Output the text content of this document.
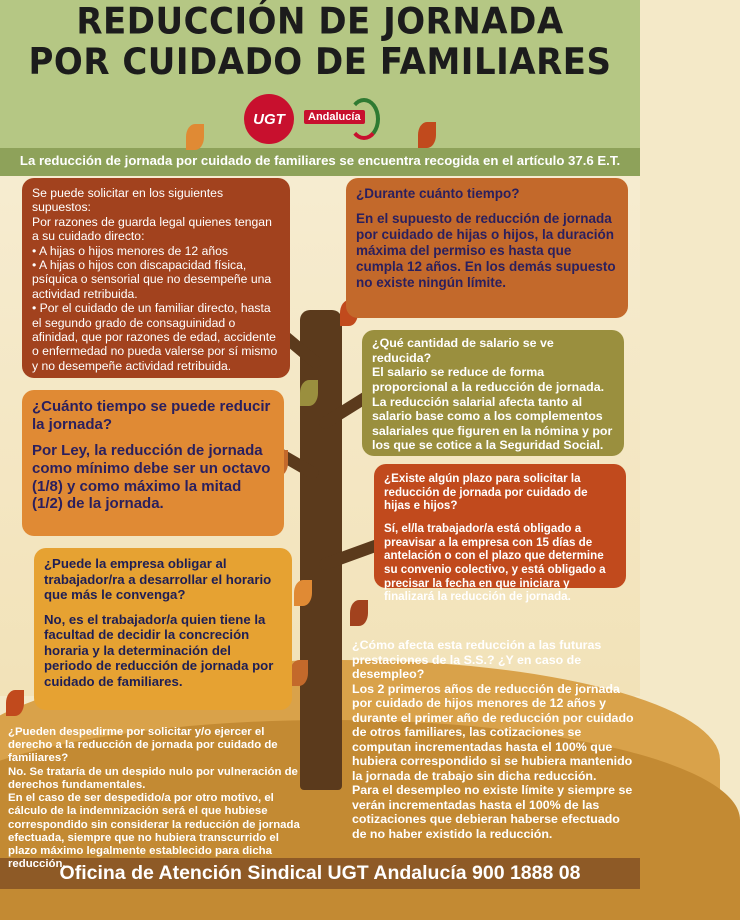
REDUCCIÓN DE JORNADA
POR CUIDADO DE FAMILIARES
UGT	Andalucía
La reducción de jornada por cuidado de familiares se encuentra recogida en el artículo 37.6 E.T.
Se puede solicitar en los siguientes supuestos:
Por razones de guarda legal quienes tengan a su cuidado directo:
• A hijas o hijos menores de 12 años
• A hijas o hijos con discapacidad física, psíquica o sensorial que no desempeñe una actividad retribuida.
• Por el cuidado de un familiar directo, hasta el segundo grado de consaguinidad o afinidad, que por razones de edad, accidente o enfermedad no pueda valerse por sí mismo y no desempeñe actividad retribuida.
¿Durante cuánto tiempo?
En el supuesto de reducción de jornada por cuidado de hijas o hijos, la duración máxima del permiso es hasta que cumpla 12 años. En los demás supuesto no existe ningún límite.
¿Qué cantidad de salario se ve reducida?
El salario se reduce de forma proporcional a la reducción de jornada. La reducción salarial afecta tanto al salario base como a los complementos salariales que figuren en la nómina y por los que se cotice a la Seguridad Social.
¿Cuánto tiempo se puede reducir la jornada?
Por Ley, la reducción de jornada como mínimo debe ser un octavo (1/8) y como máximo la mitad (1/2) de la jornada.
¿Existe algún plazo para solicitar la reducción de jornada por cuidado de hijas e hijos?
Sí, el/la trabajador/a está obligado a preavisar a la empresa con 15 días de antelación o con el plazo que determine su convenio colectivo, y está obligado a precisar la fecha en que iniciara y finalizará la reducción de jornada.
¿Puede la empresa obligar al trabajador/ra a desarrollar el horario que más le convenga?
No, es el trabajador/a quien tiene la facultad de decidir la concreción horaria y la determinación del periodo de reducción de jornada por cuidado de familiares.
¿Pueden despedirme por solicitar y/o ejercer el derecho a la reducción de jornada por cuidado de familiares?
No. Se trataría de un despido nulo por vulneración de derechos fundamentales.
En el caso de ser despedido/a por otro motivo, el cálculo de la indemnización será el que hubiese correspondido sin considerar la reducción de jornada efectuada, siempre que no hubiera transcurrido el plazo máximo legalmente establecido para dicha reducción.
¿Cómo afecta esta reducción a las futuras prestaciones de la S.S.? ¿Y en caso de desempleo?
Los 2 primeros años de reducción de jornada por cuidado de hijos menores de 12 años y durante el primer año de reducción por cuidado de otros familiares, las cotizaciones se computan incrementadas hasta el 100% que hubiera correspondido si se hubiera mantenido la jornada de trabajo sin dicha reducción.
Para el desempleo no existe límite y siempre se verán incrementadas hasta el 100% de las cotizaciones que debieran haberse efectuado de no haber existido la reducción.
Oficina de Atención Sindical UGT Andalucía 900 1888 08
